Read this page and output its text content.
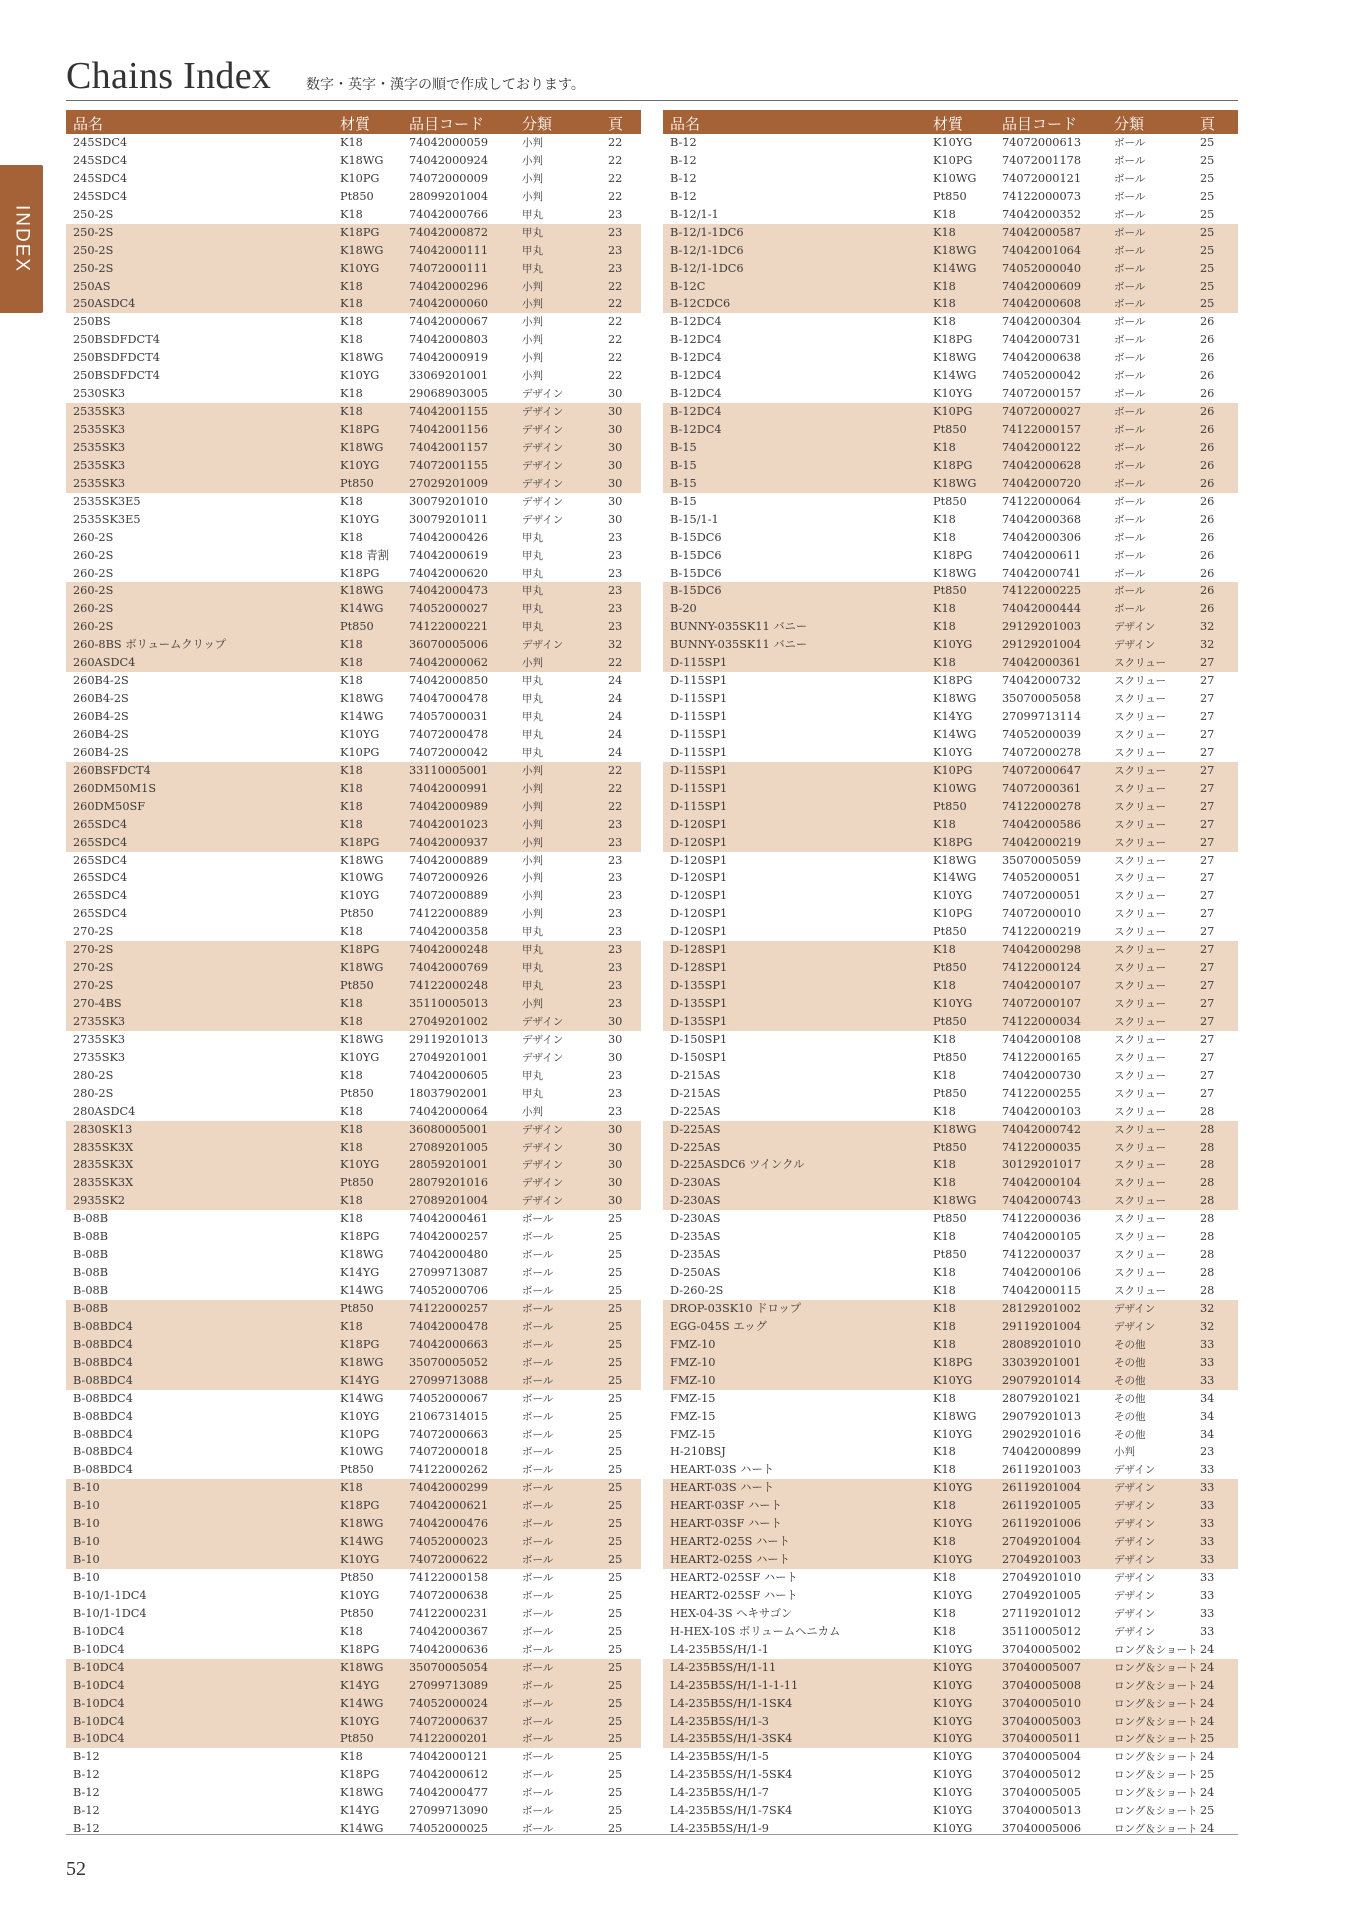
Chains Index 数字・英字・漢字の順で作成しております。
INDEX
品名	材質	品目コード	分類	頁
245SDC4	K18	74042000059	小判	22
245SDC4	K18WG 74042000924	小判	22
245SDC4	K10PG	74072000009	小判	22
245SDC4	Pt850	28099201004	小判	22
250-2S	K18	74042000766	甲丸	23
250-2S	K18PG	74042000872	甲丸	23
250-2S	K18WG 74042000111	甲丸	23
250-2S	K10YG	74072000111	甲丸	23
250AS	K18	74042000296	小判	22
250ASDC4	K18	74042000060	小判	22
250BS	K18	74042000067	小判	22
250BSDFDCT4	K18	74042000803	小判	22
250BSDFDCT4	K18WG 74042000919	小判	22
250BSDFDCT4	K10YG	33069201001	小判	22
2530SK3	K18	29068903005	デザイン	30
2535SK3	K18	74042001155	デザイン	30
2535SK3	K18PG	74042001156	デザイン	30
2535SK3	K18WG 74042001157	デザイン	30
2535SK3	K10YG	74072001155	デザイン	30
2535SK3	Pt850	27029201009	デザイン	30
2535SK3E5	K18	30079201010	デザイン	30
2535SK3E5	K10YG	30079201011	デザイン	30
260-2S	K18	74042000426	甲丸	23
260-2S	K18 青割 74042000619	甲丸	23
260-2S	K18PG	74042000620	甲丸	23
260-2S	K18WG 74042000473	甲丸	23
260-2S	K14WG 74052000027	甲丸	23
260-2S	Pt850	74122000221	甲丸	23
260-8BS ボリュームクリップ	K18	36070005006	デザイン	32
260ASDC4	K18	74042000062	小判	22
260B4-2S	K18	74042000850	甲丸	24
260B4-2S	K18WG 74047000478	甲丸	24
260B4-2S	K14WG 74057000031	甲丸	24
260B4-2S	K10YG	74072000478	甲丸	24
260B4-2S	K10PG	74072000042	甲丸	24
260BSFDCT4	K18	33110005001	小判	22
260DM50M1S	K18	74042000991	小判	22
260DM50SF	K18	74042000989	小判	22
265SDC4	K18	74042001023	小判	23
265SDC4	K18PG	74042000937	小判	23
265SDC4	K18WG 74042000889	小判	23
265SDC4	K10WG 74072000926	小判	23
265SDC4	K10YG	74072000889	小判	23
265SDC4	Pt850	74122000889	小判	23
270-2S	K18	74042000358	甲丸	23
270-2S	K18PG	74042000248	甲丸	23
270-2S	K18WG 74042000769	甲丸	23
270-2S	Pt850	74122000248	甲丸	23
270-4BS	K18	35110005013	小判	23
2735SK3	K18	27049201002	デザイン	30
2735SK3	K18WG 29119201013	デザイン	30
2735SK3	K10YG	27049201001	デザイン	30
280-2S	K18	74042000605	甲丸	23
280-2S	Pt850	18037902001	甲丸	23
280ASDC4	K18	74042000064	小判	23
2830SK13	K18	36080005001	デザイン	30
2835SK3X	K18	27089201005	デザイン	30
2835SK3X	K10YG	28059201001	デザイン	30
2835SK3X	Pt850	28079201016	デザイン	30
2935SK2	K18	27089201004	デザイン	30
B-08B	K18	74042000461	ボール	25
B-08B	K18PG	74042000257	ボール	25
B-08B	K18WG 74042000480	ボール	25
B-08B	K14YG	27099713087	ボール	25
B-08B	K14WG 74052000706	ボール	25
B-08B	Pt850	74122000257	ボール	25
B-08BDC4	K18	74042000478	ボール	25
B-08BDC4	K18PG	74042000663	ボール	25
B-08BDC4	K18WG 35070005052	ボール	25
B-08BDC4	K14YG	27099713088	ボール	25
B-08BDC4	K14WG 74052000067	ボール	25
B-08BDC4	K10YG	21067314015	ボール	25
B-08BDC4	K10PG	74072000663	ボール	25
B-08BDC4	K10WG 74072000018	ボール	25
B-08BDC4	Pt850	74122000262	ボール	25
B-10	K18	74042000299	ボール	25
B-10	K18PG	74042000621	ボール	25
B-10	K18WG 74042000476	ボール	25
B-10	K14WG 74052000023	ボール	25
B-10	K10YG	74072000622	ボール	25
B-10	Pt850	74122000158	ボール	25
B-10/1-1DC4	K10YG	74072000638	ボール	25
B-10/1-1DC4	Pt850	74122000231	ボール	25
B-10DC4	K18	74042000367	ボール	25
B-10DC4	K18PG	74042000636	ボール	25
B-10DC4	K18WG 35070005054	ボール	25
B-10DC4	K14YG	27099713089	ボール	25
B-10DC4	K14WG 74052000024	ボール	25
B-10DC4	K10YG	74072000637	ボール	25
B-10DC4	Pt850	74122000201	ボール	25
B-12	K18	74042000121	ボール	25
B-12	K18PG	74042000612	ボール	25
B-12	K18WG 74042000477	ボール	25
B-12	K14YG	27099713090	ボール	25
B-12	K14WG 74052000025	ボール	25
品名	材質	品目コード 分類	頁
B-12	K10YG	74072000613	ボール	25
B-12	K10PG	74072001178	ボール	25
B-12	K10WG 74072000121	ボール	25
B-12	Pt850	74122000073	ボール	25
B-12/1-1	K18	74042000352	ボール	25
B-12/1-1DC6	K18	74042000587	ボール	25
B-12/1-1DC6	K18WG 74042001064	ボール	25
B-12/1-1DC6	K14WG 74052000040	ボール	25
B-12C	K18	74042000609	ボール	25
B-12CDC6	K18	74042000608	ボール	25
B-12DC4	K18	74042000304	ボール	26
B-12DC4	K18PG	74042000731	ボール	26
B-12DC4	K18WG 74042000638	ボール	26
B-12DC4	K14WG 74052000042	ボール	26
B-12DC4	K10YG	74072000157	ボール	26
B-12DC4	K10PG	74072000027	ボール	26
B-12DC4	Pt850	74122000157	ボール	26
B-15	K18	74042000122	ボール	26
B-15	K18PG	74042000628	ボール	26
B-15	K18WG 74042000720	ボール	26
B-15	Pt850	74122000064	ボール	26
B-15/1-1	K18	74042000368	ボール	26
B-15DC6	K18	74042000306	ボール	26
B-15DC6	K18PG	74042000611	ボール	26
B-15DC6	K18WG 74042000741	ボール	26
B-15DC6	Pt850	74122000225	ボール	26
B-20	K18	74042000444	ボール	26
BUNNY-035SK11 バニー	K18	29129201003	デザイン	32
BUNNY-035SK11 バニー	K10YG	29129201004	デザイン	32
D-115SP1	K18	74042000361	スクリュー	27
D-115SP1	K18PG	74042000732	スクリュー	27
D-115SP1	K18WG 35070005058	スクリュー	27
D-115SP1	K14YG	27099713114	スクリュー	27
D-115SP1	K14WG 74052000039	スクリュー	27
D-115SP1	K10YG	74072000278	スクリュー	27
D-115SP1	K10PG	74072000647	スクリュー	27
D-115SP1	K10WG 74072000361	スクリュー	27
D-115SP1	Pt850	74122000278	スクリュー	27
D-120SP1	K18	74042000586	スクリュー	27
D-120SP1	K18PG	74042000219	スクリュー	27
D-120SP1	K18WG 35070005059	スクリュー	27
D-120SP1	K14WG 74052000051	スクリュー	27
D-120SP1	K10YG	74072000051	スクリュー	27
D-120SP1	K10PG	74072000010	スクリュー	27
D-120SP1	Pt850	74122000219	スクリュー	27
D-128SP1	K18	74042000298	スクリュー	27
D-128SP1	Pt850	74122000124	スクリュー	27
D-135SP1	K18	74042000107	スクリュー	27
D-135SP1	K10YG	74072000107	スクリュー	27
D-135SP1	Pt850	74122000034	スクリュー	27
D-150SP1	K18	74042000108	スクリュー	27
D-150SP1	Pt850	74122000165	スクリュー	27
D-215AS	K18	74042000730	スクリュー	27
D-215AS	Pt850	74122000255	スクリュー	27
D-225AS	K18	74042000103	スクリュー	28
D-225AS	K18WG 74042000742	スクリュー	28
D-225AS	Pt850	74122000035	スクリュー	28
D-225ASDC6 ツインクル	K18	30129201017	スクリュー	28
D-230AS	K18	74042000104	スクリュー	28
D-230AS	K18WG 74042000743	スクリュー	28
D-230AS	Pt850	74122000036	スクリュー	28
D-235AS	K18	74042000105	スクリュー	28
D-235AS	Pt850	74122000037	スクリュー	28
D-250AS	K18	74042000106	スクリュー	28
D-260-2S	K18	74042000115	スクリュー	28
DROP-03SK10 ドロップ	K18	28129201002	デザイン	32
EGG-045S エッグ	K18	29119201004	デザイン	32
FMZ-10	K18	28089201010	その他	33
FMZ-10	K18PG	33039201001	その他	33
FMZ-10	K10YG	29079201014	その他	33
FMZ-15	K18	28079201021	その他	34
FMZ-15	K18WG 29079201013	その他	34
FMZ-15	K10YG	29029201016	その他	34
H-210BSJ	K18	74042000899	小判	23
HEART-03S ハート	K18	26119201003	デザイン	33
HEART-03S ハート	K10YG	26119201004	デザイン	33
HEART-03SF ハート	K18	26119201005	デザイン	33
HEART-03SF ハート	K10YG	26119201006	デザイン	33
HEART2-025S ハート	K18	27049201004	デザイン	33
HEART2-025S ハート	K10YG	27049201003	デザイン	33
HEART2-025SF ハート	K18	27049201010	デザイン	33
HEART2-025SF ハート	K10YG	27049201005	デザイン	33
HEX-04-3S ヘキサゴン	K18	27119201012	デザイン	33
H-HEX-10S ボリュームヘニカム	K18	35110005012	デザイン	33
L4-235B5S/H/1-1	K10YG	37040005002	ロング＆ショート 24
L4-235B5S/H/1-11	K10YG	37040005007	ロング＆ショート 24
L4-235B5S/H/1-1-1-11	K10YG	37040005008	ロング＆ショート 24
L4-235B5S/H/1-1SK4	K10YG	37040005010	ロング＆ショート 24
L4-235B5S/H/1-3	K10YG	37040005003	ロング＆ショート 24
L4-235B5S/H/1-3SK4	K10YG	37040005011	ロング＆ショート 25
L4-235B5S/H/1-5	K10YG	37040005004	ロング＆ショート 24
L4-235B5S/H/1-5SK4	K10YG	37040005012	ロング＆ショート 25
L4-235B5S/H/1-7	K10YG	37040005005	ロング＆ショート 24
L4-235B5S/H/1-7SK4	K10YG	37040005013	ロング＆ショート 25
L4-235B5S/H/1-9	K10YG	37040005006	ロング＆ショート 24
52
